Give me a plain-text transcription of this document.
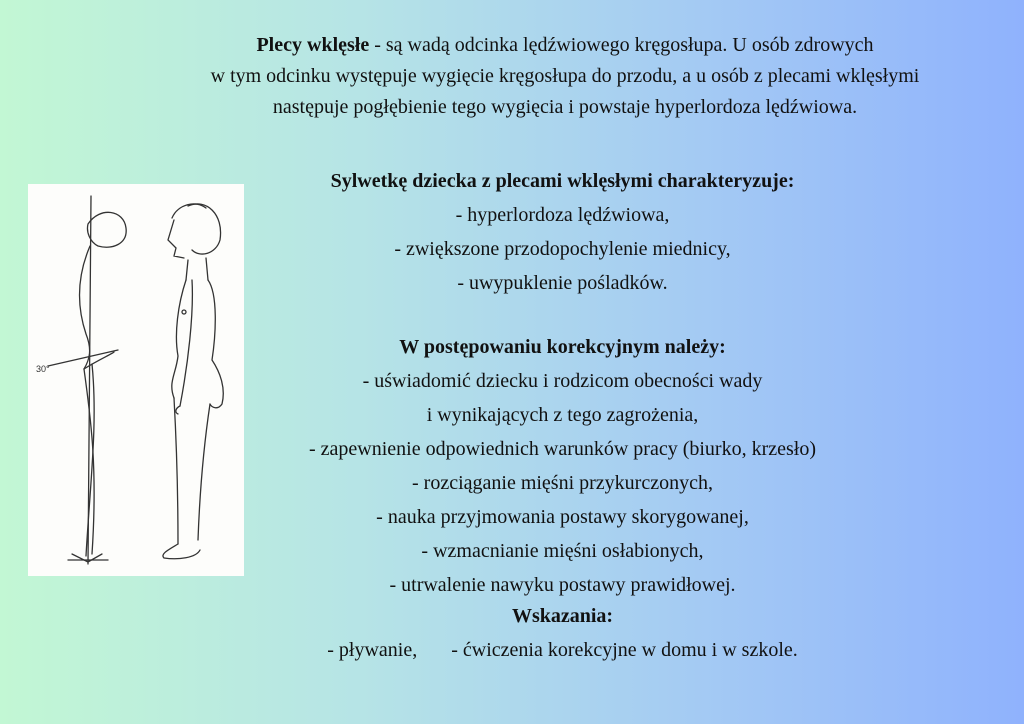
Plecy wklęsłe - są wadą odcinka lędźwiowego kręgosłupa. U osób zdrowych
w tym odcinku występuje wygięcie kręgosłupa do przodu, a u osób z plecami wklęsłymi
następuje pogłębienie tego wygięcia i powstaje hyperlordoza lędźwiowa.
30°
Sylwetkę dziecka z plecami wklęsłymi charakteryzuje:
- hyperlordoza lędźwiowa,
- zwiększone przodopochylenie miednicy,
- uwypuklenie pośladków.
W postępowaniu korekcyjnym należy:
- uświadomić dziecku i rodzicom obecności wady
i wynikających z tego zagrożenia,
- zapewnienie odpowiednich warunków pracy (biurko, krzesło)
- rozciąganie mięśni przykurczonych,
- nauka przyjmowania postawy skorygowanej,
- wzmacnianie mięśni osłabionych,
- utrwalenie nawyku postawy prawidłowej.
Wskazania:
- pływanie, - ćwiczenia korekcyjne w domu i w szkole.
